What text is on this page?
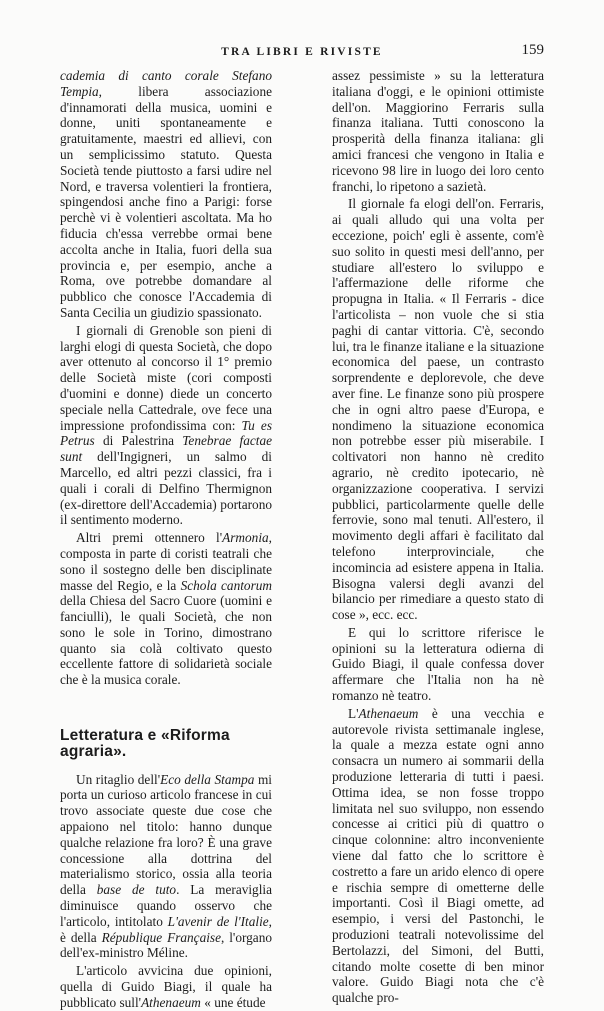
TRA LIBRI E RIVISTE	159

cademia di canto corale Stefano Tempia, libera associazione d'innamorati della musica, uomini e donne, uniti spontaneamente e gratuitamente, maestri ed allievi, con un semplicissimo statuto. Questa Società tende piuttosto a farsi udire nel Nord, e traversa volentieri la frontiera, spingendosi anche fino a Parigi: forse perchè vi è volentieri ascoltata. Ma ho fiducia ch'essa verrebbe ormai bene accolta anche in Italia, fuori della sua provincia e, per esempio, anche a Roma, ove potrebbe domandare al pubblico che conosce l'Accademia di Santa Cecilia un giudizio spassionato.

I giornali di Grenoble son pieni di larghi elogi di questa Società, che dopo aver ottenuto al concorso il 1° premio delle Società miste (cori composti d'uomini e donne) diede un concerto speciale nella Cattedrale, ove fece una impressione profondissima con: Tu es Petrus di Palestrina Tenebrae factae sunt dell'Ingigneri, un salmo di Marcello, ed altri pezzi classici, fra i quali i corali di Delfino Thermignon (ex-direttore dell'Accademia) portarono il sentimento moderno.

Altri premi ottennero l'Armonia, composta in parte di coristi teatrali che sono il sostegno delle ben disciplinate masse del Regio, e la Schola cantorum della Chiesa del Sacro Cuore (uomini e fanciulli), le quali Società, che non sono le sole in Torino, dimostrano quanto sia colà coltivato questo eccellente fattore di solidarietà sociale che è la musica corale.

Letteratura e «Riforma agraria».

Un ritaglio dell'Eco della Stampa mi porta un curioso articolo francese in cui trovo associate queste due cose che appaiono nel titolo: hanno dunque qualche relazione fra loro? È una grave concessione alla dottrina del materialismo storico, ossia alla teoria della base de tuto. La meraviglia diminuisce quando osservo che l'articolo, intitolato L'avenir de l'Italie, è della République Française, l'organo dell'ex-ministro Méline.

L'articolo avvicina due opinioni, quella di Guido Biagi, il quale ha pubblicato sull'Athenaeum « une étude

assez pessimiste » su la letteratura italiana d'oggi, e le opinioni ottimiste dell'on. Maggiorino Ferraris sulla finanza italiana. Tutti conoscono la prosperità della finanza italiana: gli amici francesi che vengono in Italia e ricevono 98 lire in luogo dei loro cento franchi, lo ripetono a sazietà.

Il giornale fa elogi dell'on. Ferraris, ai quali alludo qui una volta per eccezione, poich' egli è assente, com'è suo solito in questi mesi dell'anno, per studiare all'estero lo sviluppo e l'affermazione delle riforme che propugna in Italia. « Il Ferraris - dice l'articolista – non vuole che si stia paghi di cantar vittoria. C'è, secondo lui, tra le finanze italiane e la situazione economica del paese, un contrasto sorprendente e deplorevole, che deve aver fine. Le finanze sono più prospere che in ogni altro paese d'Europa, e nondimeno la situazione economica non potrebbe esser più miserabile. I coltivatori non hanno nè credito agrario, nè credito ipotecario, nè organizzazione cooperativa. I servizi pubblici, particolarmente quelle delle ferrovie, sono mal tenuti. All'estero, il movimento degli affari è facilitato dal telefono interprovinciale, che incomincia ad esistere appena in Italia. Bisogna valersi degli avanzi del bilancio per rimediare a questo stato di cose », ecc. ecc.

E qui lo scrittore riferisce le opinioni su la letteratura odierna di Guido Biagi, il quale confessa dover affermare che l'Italia non ha nè romanzo nè teatro.

L'Athenaeum è una vecchia e autorevole rivista settimanale inglese, la quale a mezza estate ogni anno consacra un numero ai sommarii della produzione letteraria di tutti i paesi. Ottima idea, se non fosse troppo limitata nel suo sviluppo, non essendo concesse ai critici più di quattro o cinque colonnine: altro inconveniente viene dal fatto che lo scrittore è costretto a fare un arido elenco di opere e rischia sempre di ometterne delle importanti. Così il Biagi omette, ad esempio, i versi del Pastonchi, le produzioni teatrali notevolissime del Bertolazzi, del Simoni, del Butti, citando molte cosette di ben minor valore. Guido Biagi nota che c'è qualche pro-
